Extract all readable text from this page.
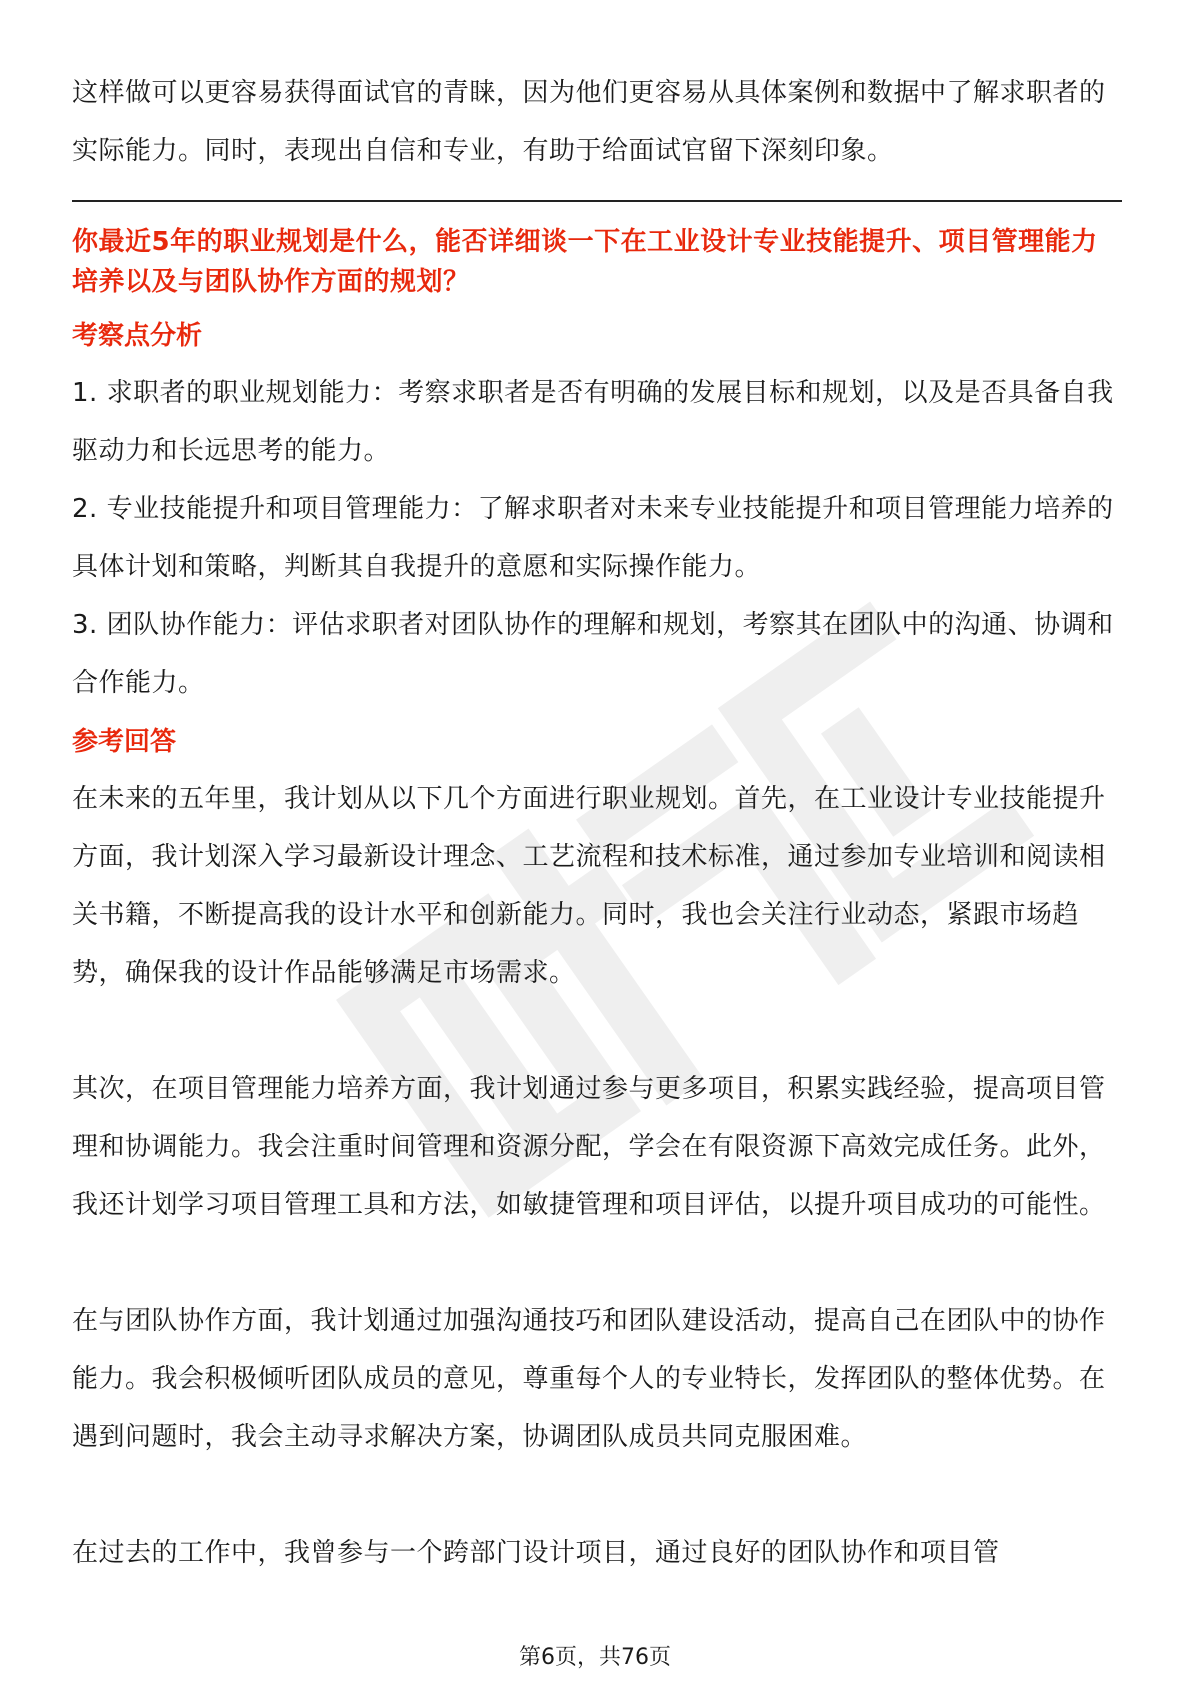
这样做可以更容易获得面试官的青睐，因为他们更容易从具体案例和数据中了解求职者的实际能力。同时，表现出自信和专业，有助于给面试官留下深刻印象。

你最近5年的职业规划是什么，能否详细谈一下在工业设计专业技能提升、项目管理能力培养以及与团队协作方面的规划？

考察点分析

1. 求职者的职业规划能力：考察求职者是否有明确的发展目标和规划，以及是否具备自我驱动力和长远思考的能力。

2. 专业技能提升和项目管理能力：了解求职者对未来专业技能提升和项目管理能力培养的具体计划和策略，判断其自我提升的意愿和实际操作能力。

3. 团队协作能力：评估求职者对团队协作的理解和规划，考察其在团队中的沟通、协调和合作能力。

参考回答

在未来的五年里，我计划从以下几个方面进行职业规划。首先，在工业设计专业技能提升方面，我计划深入学习最新设计理念、工艺流程和技术标准，通过参加专业培训和阅读相关书籍，不断提高我的设计水平和创新能力。同时，我也会关注行业动态，紧跟市场趋势，确保我的设计作品能够满足市场需求。

其次，在项目管理能力培养方面，我计划通过参与更多项目，积累实践经验，提高项目管理和协调能力。我会注重时间管理和资源分配，学会在有限资源下高效完成任务。此外，我还计划学习项目管理工具和方法，如敏捷管理和项目评估，以提升项目成功的可能性。

在与团队协作方面，我计划通过加强沟通技巧和团队建设活动，提高自己在团队中的协作能力。我会积极倾听团队成员的意见，尊重每个人的专业特长，发挥团队的整体优势。在遇到问题时，我会主动寻求解决方案，协调团队成员共同克服困难。

在过去的工作中，我曾参与一个跨部门设计项目，通过良好的团队协作和项目管

第6页，共76页
